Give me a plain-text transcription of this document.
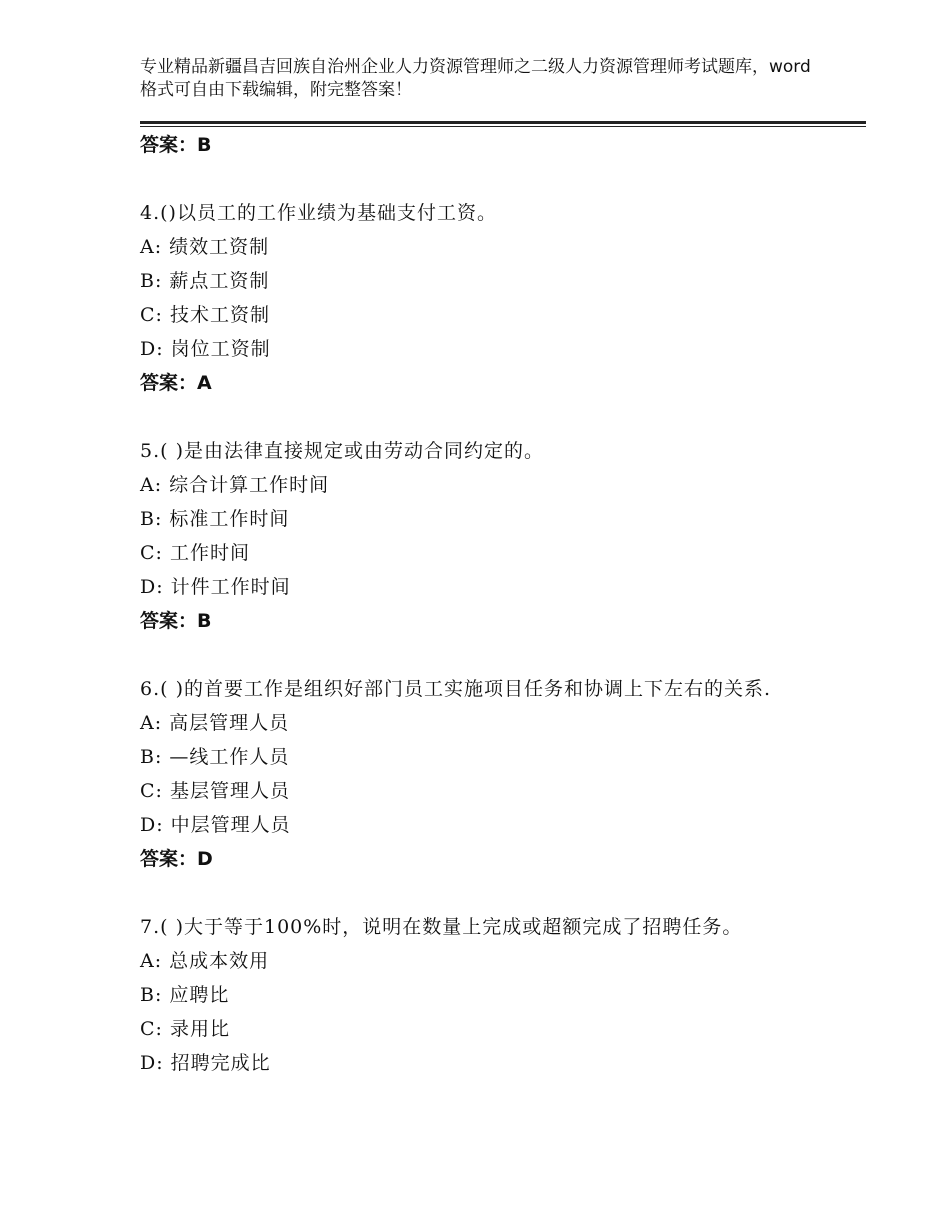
专业精品新疆昌吉回族自治州企业人力资源管理师之二级人力资源管理师考试题库，word格式可自由下载编辑，附完整答案！
答案：B
4.()以员工的工作业绩为基础支付工资。
A: 绩效工资制
B: 薪点工资制
C: 技术工资制
D: 岗位工资制
答案：A
5.( )是由法律直接规定或由劳动合同约定的。
A: 综合计算工作时间
B: 标准工作时间
C: 工作时间
D: 计件工作时间
答案：B
6.( )的首要工作是组织好部门员工实施项目任务和协调上下左右的关系.
A: 高层管理人员
B: —线工作人员
C: 基层管理人员
D: 中层管理人员
答案：D
7.( )大于等于100%时，说明在数量上完成或超额完成了招聘任务。
A: 总成本效用
B: 应聘比
C: 录用比
D: 招聘完成比
